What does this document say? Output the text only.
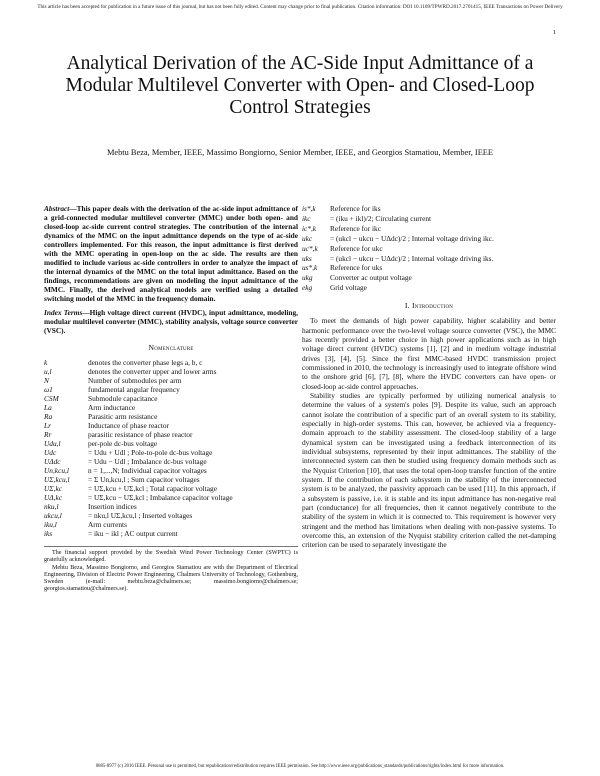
This article has been accepted for publication in a future issue of this journal, but has not been fully edited. Content may change prior to final publication. Citation information: DOI 10.1109/TPWRD.2017.2701415, IEEE Transactions on Power Delivery
1
Analytical Derivation of the AC-Side Input Admittance of a Modular Multilevel Converter with Open- and Closed-Loop Control Strategies
Mebtu Beza, Member, IEEE, Massimo Bongiorno, Senior Member, IEEE, and Georgios Stamatiou, Member, IEEE

Abstract—This paper deals with the derivation of the ac-side input admittance of a grid-connected modular multilevel converter (MMC) under both open- and closed-loop ac-side current control strategies. The contribution of the internal dynamics of the MMC on the input admittance depends on the type of ac-side controllers implemented. For this reason, the input admittance is first derived with the MMC operating in open-loop on the ac side. The results are then modified to include various ac-side controllers in order to analyze the impact of the internal dynamics of the MMC on the total input admittance. Based on the findings, recommendations are given on modeling the input admittance of the MMC. Finally, the derived analytical models are verified using a detailed switching model of the MMC in the frequency domain.

Index Terms—High voltage direct current (HVDC), input admittance, modeling, modular multilevel converter (MMC), stability analysis, voltage source converter (VSC).

Nomenclature
k	denotes the converter phase legs a, b, c
u,l	denotes the converter upper and lower arms
N	Number of submodules per arm
ω1	fundamental angular frequency
CSM	Submodule capacitance
La	Arm inductance
Ra	Parasitic arm resistance
Lr	Inductance of phase reactor
Rr	parasitic resistance of phase reactor
Udu,l	per-pole dc-bus voltage
Udc	= Udu + Udl ; Pole-to-pole dc-bus voltage
UΔdc	= Udu − Udl ; Imbalance dc-bus voltage
Un,kcu,l	n = 1,...,N; Individual capacitor voltages
UΣ,kcu,l	= Σ Un,kcu,l ; Sum capacitor voltages
UΣ,kc	= UΣ,kcu + UΣ,kcl ; Total capacitor voltage
UΔ,kc	= UΣ,kcu − UΣ,kcl ; Imbalance capacitor voltage
nku,l	Insertion indices
ukcu,l	= nku,l UΣ,kcu,l ; Inserted voltages
iku,l	Arm currents
iks	= iku − ikl ; AC output current

The financial support provided by the Swedish Wind Power Technology Center (SWPTC) is gratefully acknowledged.

Mebtu Beza, Massimo Bongiorno, and Georgios Stamatiou are with the Department of Electrical Engineering, Division of Electric Power Engineering, Chalmers University of Technology, Gothenburg, Sweden (e-mail: mebtu.beza@chalmers.se; massimo.bongiorno@chalmers.se; georgios.stamatiou@chalmers.se).

is*,k	Reference for iks
ikc	= (iku + ikl)/2; Circulating current
ic*,k	Reference for ikc
ukc	= (ukcl − ukcu − UΔdc)/2 ; Internal voltage driving ikc.
uc*,k	Reference for ukc
uks	= (ukcl − ukcu − UΔdc)/2 ; Internal voltage driving iks.
us*,k	Reference for uks
ukg	Converter ac output voltage
ekg	Grid voltage
I. Introduction

To meet the demands of high power capability, higher scalability and better harmonic performance over the two-level voltage source converter (VSC), the MMC has recently provided a better choice in high power applications such as in high voltage direct current (HVDC) systems [1], [2] and in medium voltage industrial drives [3], [4], [5]. Since the first MMC-based HVDC transmission project commissioned in 2010, the technology is increasingly used to integrate offshore wind to the onshore grid [6], [7], [8], where the HVDC converters can have open- or closed-loop ac-side control approaches.

Stability studies are typically performed by utilizing numerical analysis to determine the values of a system's poles [9]. Despite its value, such an approach cannot isolate the contribution of a specific part of an overall system to its stability, especially in high-order systems. This can, however, be achieved via a frequency-domain approach to the stability assessment. The closed-loop stability of a large dynamical system can be investigated using a feedback interconnection of its individual subsystems, represented by their input admittances. The stability of the interconnected system can then be studied using frequency domain methods such as the Nyquist Criterion [10], that uses the total open-loop transfer function of the entire system. If the contribution of each subsystem in the stability of the interconnected system is to be analyzed, the passivity approach can be used [11]. In this approach, if a subsystem is passive, i.e. it is stable and its input admittance has non-negative real part (conductance) for all frequencies, then it cannot negatively contribute to the stability of the system in which it is connected to. This requirement is however very stringent and the method has limitations when dealing with non-passive systems. To overcome this, an extension of the Nyquist stability criterion called the net-damping criterion can be used to separately investigate the

0885-8977 (c) 2016 IEEE. Personal use is permitted, but republication/redistribution requires IEEE permission. See http://www.ieee.org/publications_standards/publications/rights/index.html for more information.
